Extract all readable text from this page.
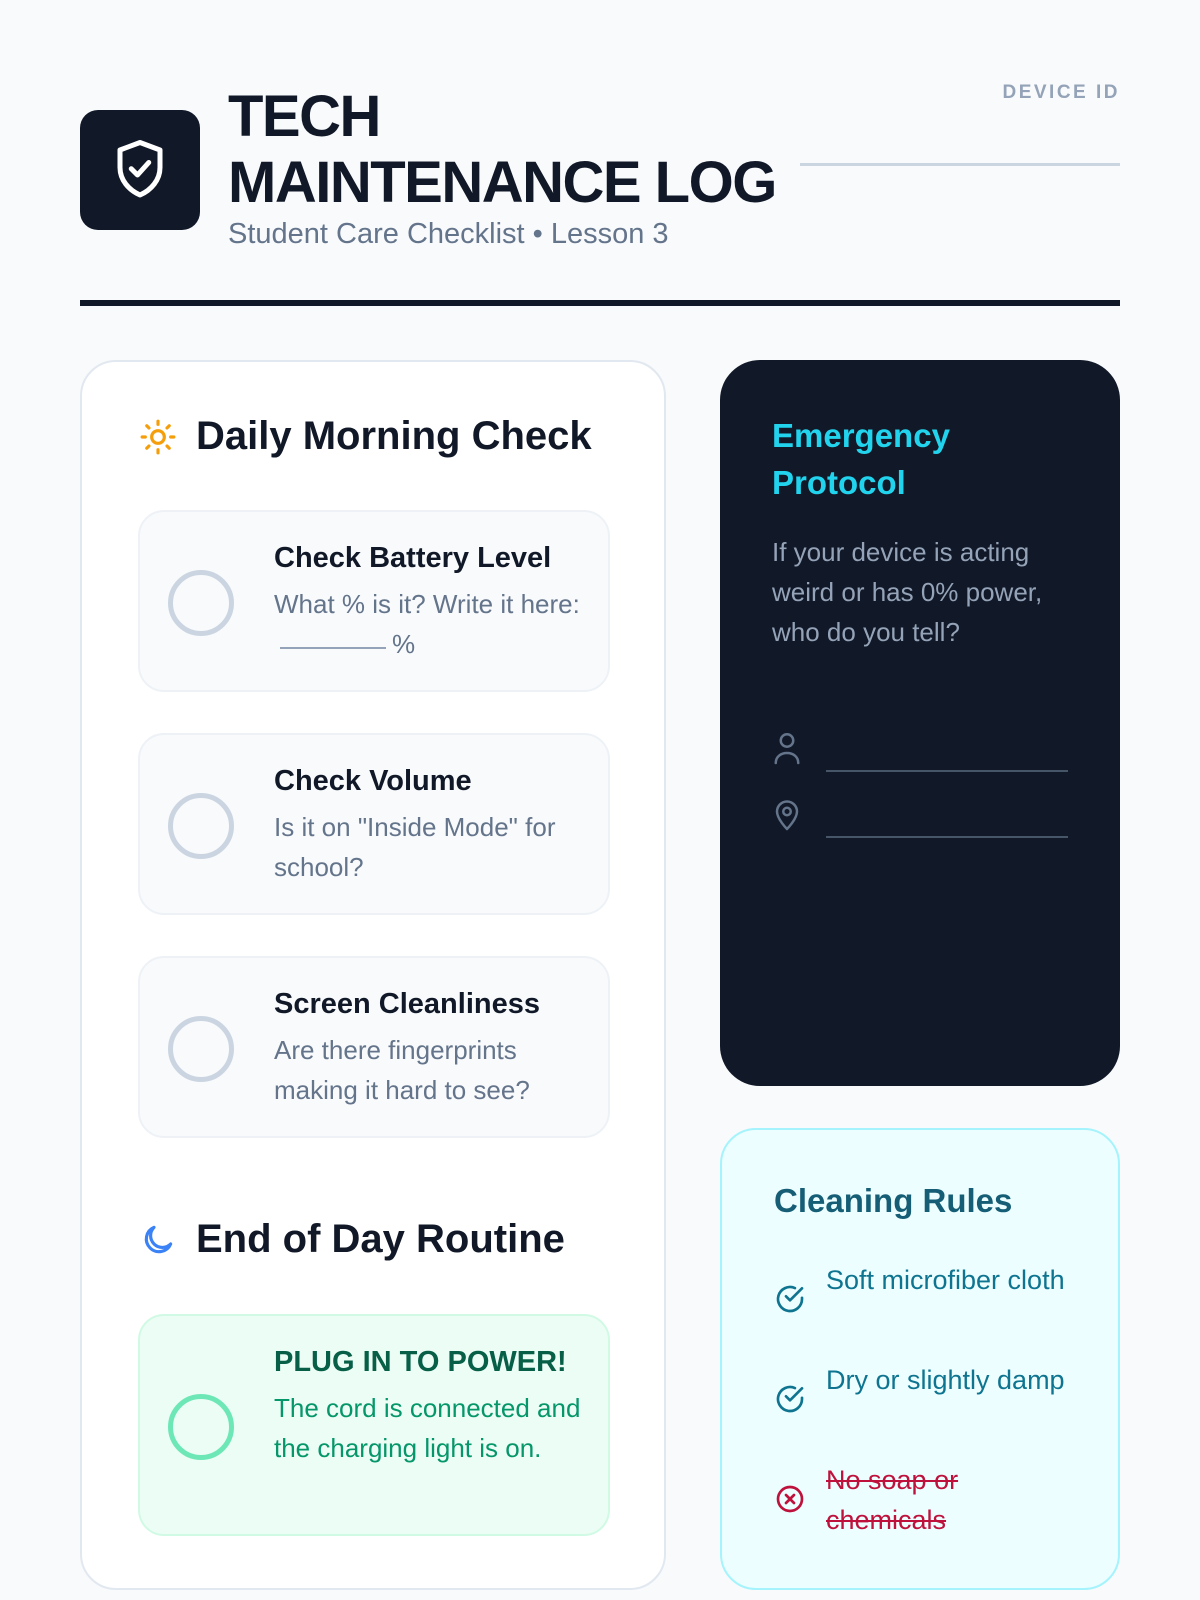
TECH
MAINTENANCE LOG
Student Care Checklist • Lesson 3
DEVICE ID
Daily Morning Check
Check Battery Level
What % is it? Write it here:%
Check Volume
Is it on "Inside Mode" for school?
Screen Cleanliness
Are there fingerprints making it hard to see?
End of Day Routine
PLUG IN TO POWER!
The cord is connected and the charging light is on.
Emergency Protocol

If your device is acting weird or has 0% power, who do you tell?

Cleaning Rules
Soft microfiber cloth
Dry or slightly damp
No soap or chemicals
